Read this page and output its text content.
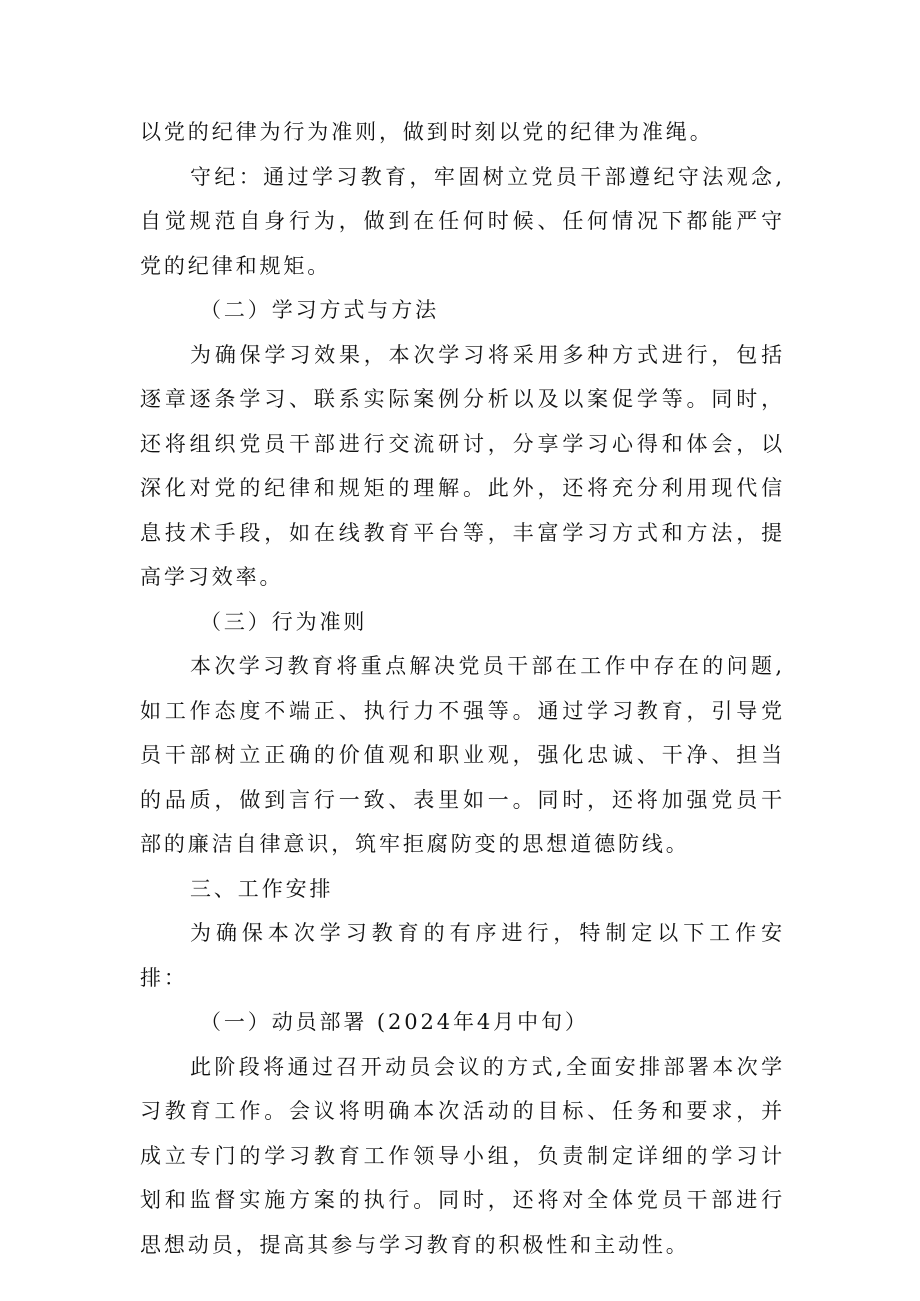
以党的纪律为行为准则，做到时刻以党的纪律为准绳。

守纪：通过学习教育，牢固树立党员干部遵纪守法观念,自觉规范自身行为，做到在任何时候、任何情况下都能严守党的纪律和规矩。

（二）学习方式与方法

为确保学习效果，本次学习将采用多种方式进行，包括逐章逐条学习、联系实际案例分析以及以案促学等。同时，还将组织党员干部进行交流研讨，分享学习心得和体会，以深化对党的纪律和规矩的理解。此外，还将充分利用现代信息技术手段，如在线教育平台等，丰富学习方式和方法，提高学习效率。

（三）行为准则

本次学习教育将重点解决党员干部在工作中存在的问题,如工作态度不端正、执行力不强等。通过学习教育，引导党员干部树立正确的价值观和职业观，强化忠诚、干净、担当的品质，做到言行一致、表里如一。同时，还将加强党员干部的廉洁自律意识，筑牢拒腐防变的思想道德防线。

三、工作安排

为确保本次学习教育的有序进行，特制定以下工作安排：

（一）动员部署 (2024年4月中旬）

此阶段将通过召开动员会议的方式,全面安排部署本次学习教育工作。会议将明确本次活动的目标、任务和要求，并成立专门的学习教育工作领导小组，负责制定详细的学习计划和监督实施方案的执行。同时，还将对全体党员干部进行思想动员，提高其参与学习教育的积极性和主动性。
